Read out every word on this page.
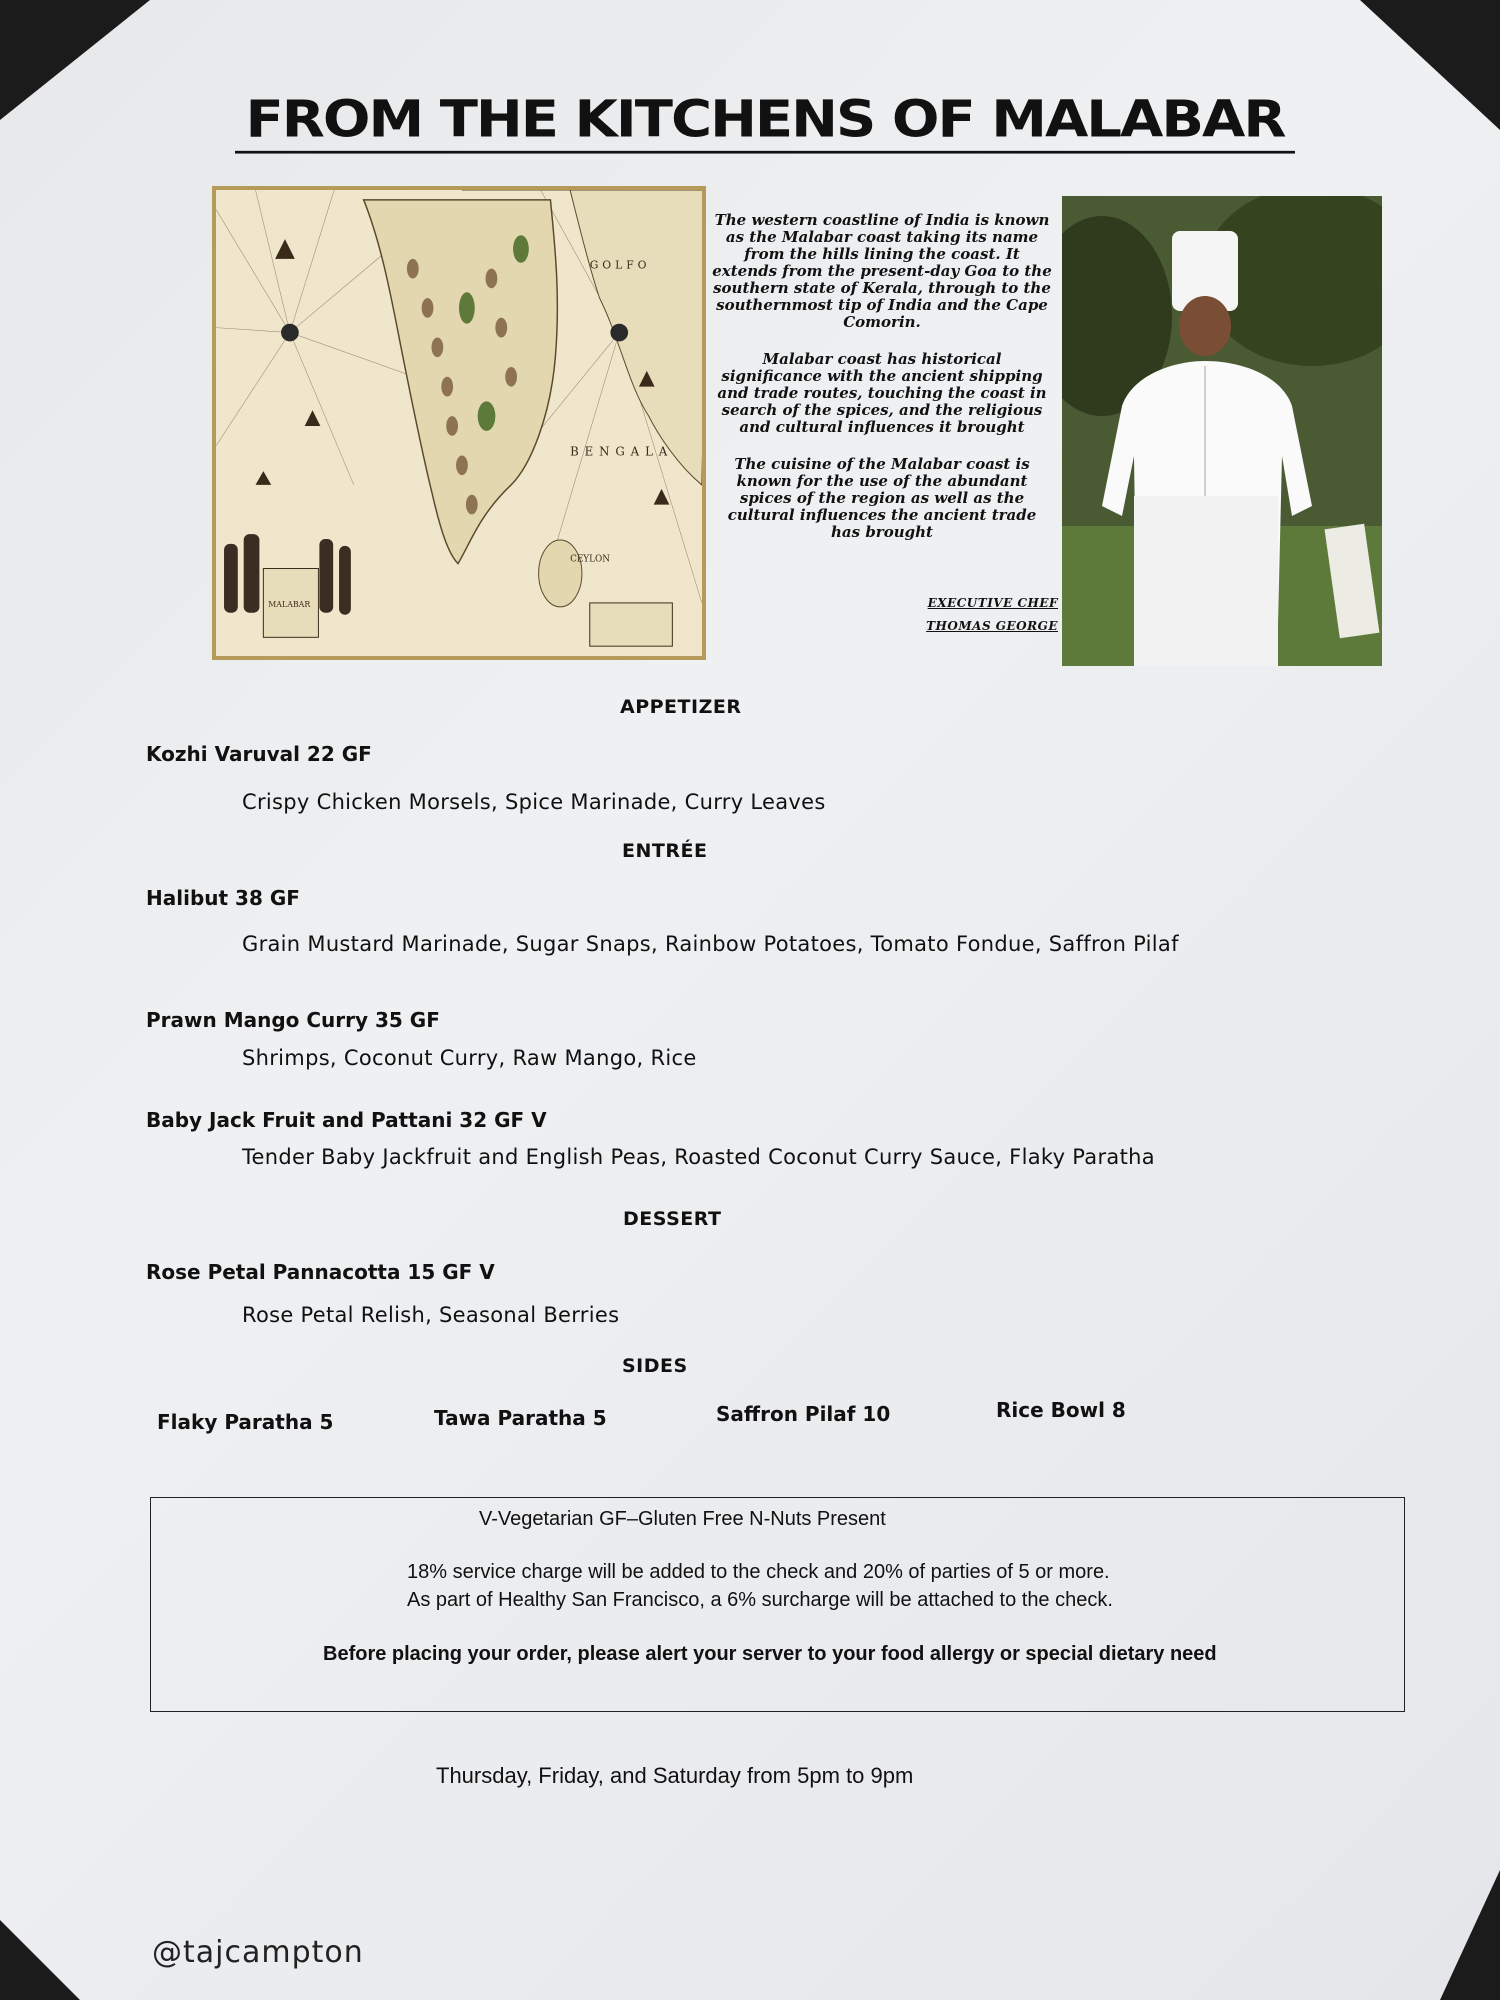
FROM THE KITCHENS OF MALABAR
CEYLON
BENGALA
GOLFO
MALABAR

The western coastline of India is known as the Malabar coast taking its name from the hills lining the coast. It extends from the present-day Goa to the southern state of Kerala, through to the southernmost tip of India and the Cape Comorin.

Malabar coast has historical significance with the ancient shipping and trade routes, touching the coast in search of the spices, and the religious and cultural influences it brought

The cuisine of the Malabar coast is known for the use of the abundant spices of the region as well as the cultural influences the ancient trade has brought

EXECUTIVE CHEF
THOMAS GEORGE
APPETIZER
Kozhi Varuval 22 GF
Crispy Chicken Morsels, Spice Marinade, Curry Leaves
ENTRÉE
Halibut 38 GF
Grain Mustard Marinade, Sugar Snaps, Rainbow Potatoes, Tomato Fondue, Saffron Pilaf
Prawn Mango Curry 35 GF
Shrimps, Coconut Curry, Raw Mango, Rice
Baby Jack Fruit and Pattani 32 GF V
Tender Baby Jackfruit and English Peas, Roasted Coconut Curry Sauce, Flaky Paratha
DESSERT
Rose Petal Pannacotta 15 GF V
Rose Petal Relish, Seasonal Berries
SIDES
Flaky Paratha 5	Tawa Paratha 5	Saffron Pilaf 10	Rice Bowl 8
V-Vegetarian GF–Gluten Free N-Nuts Present
18% service charge will be added to the check and 20% of parties of 5 or more.
As part of Healthy San Francisco, a 6% surcharge will be attached to the check.
Before placing your order, please alert your server to your food allergy or special dietary need
Thursday, Friday, and Saturday from 5pm to 9pm
@tajcampton
